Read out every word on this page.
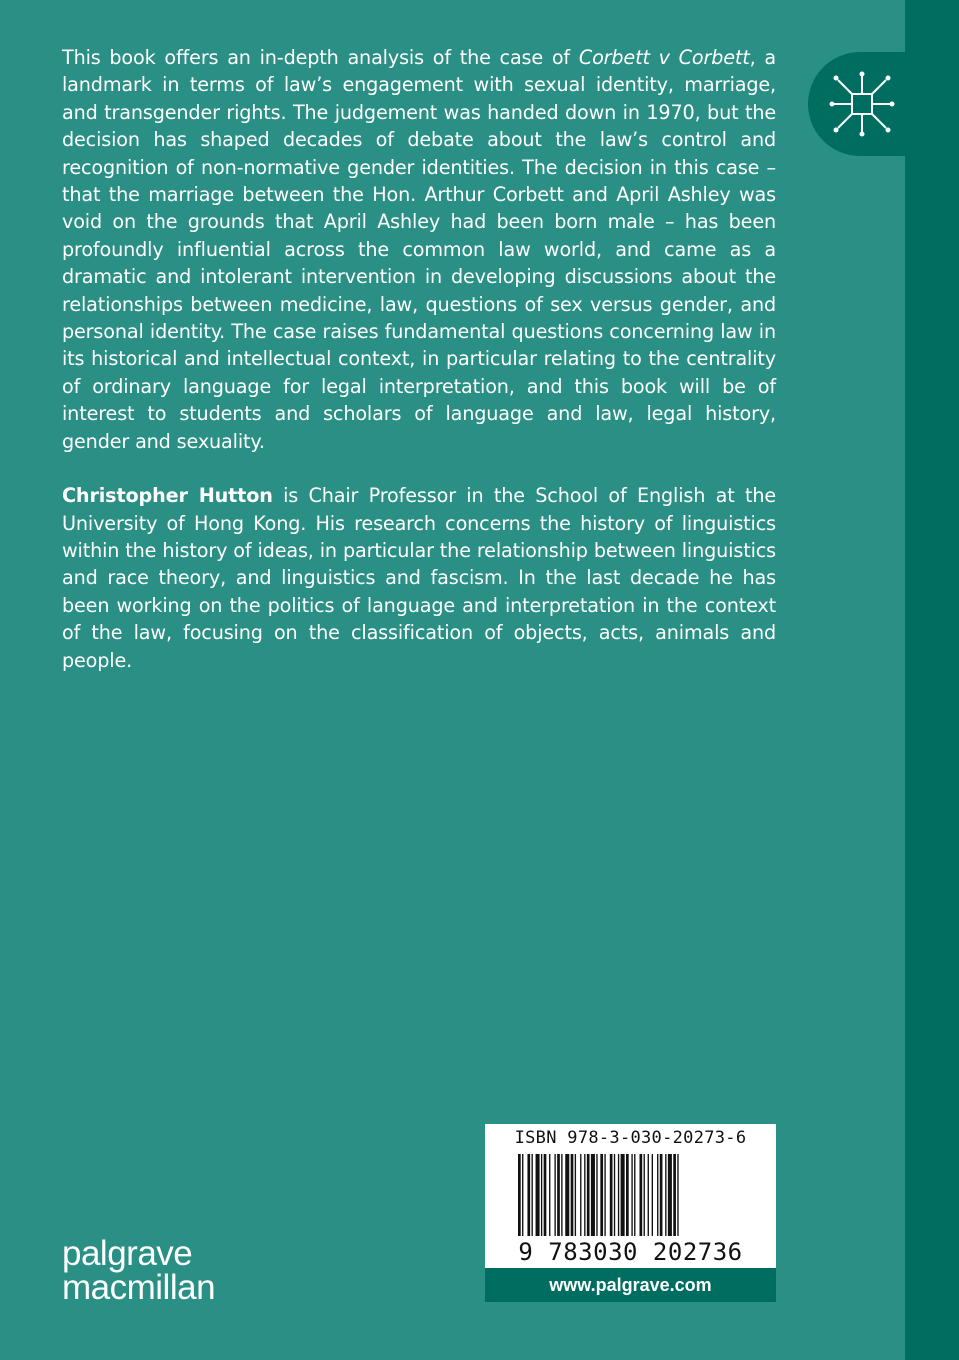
This book offers an in-depth analysis of the case of Corbett v Corbett, a landmark in terms of law’s engagement with sexual identity, marriage, and transgender rights. The judgement was handed down in 1970, but the decision has shaped decades of debate about the law’s control and recognition of non-normative gender identities. The decision in this case – that the marriage between the Hon. Arthur Corbett and April Ashley was void on the grounds that April Ashley had been born male – has been profoundly influential across the common law world, and came as a dramatic and intolerant intervention in developing discussions about the relationships between medicine, law, questions of sex versus gender, and personal identity. The case raises fundamental questions concerning law in its historical and intellectual context, in particular relating to the centrality of ordinary language for legal interpretation, and this book will be of interest to students and scholars of language and law, legal history, gender and sexuality.

Christopher Hutton is Chair Professor in the School of English at the University of Hong Kong. His research concerns the history of linguistics within the history of ideas, in particular the relationship between linguistics and race theory, and linguistics and fascism. In the last decade he has been working on the politics of language and interpretation in the context of the law, focusing on the classification of objects, acts, animals and people.

ISBN 978-3-030-20273-6
9 783030 202736
www.palgrave.com
palgrave
macmillan
